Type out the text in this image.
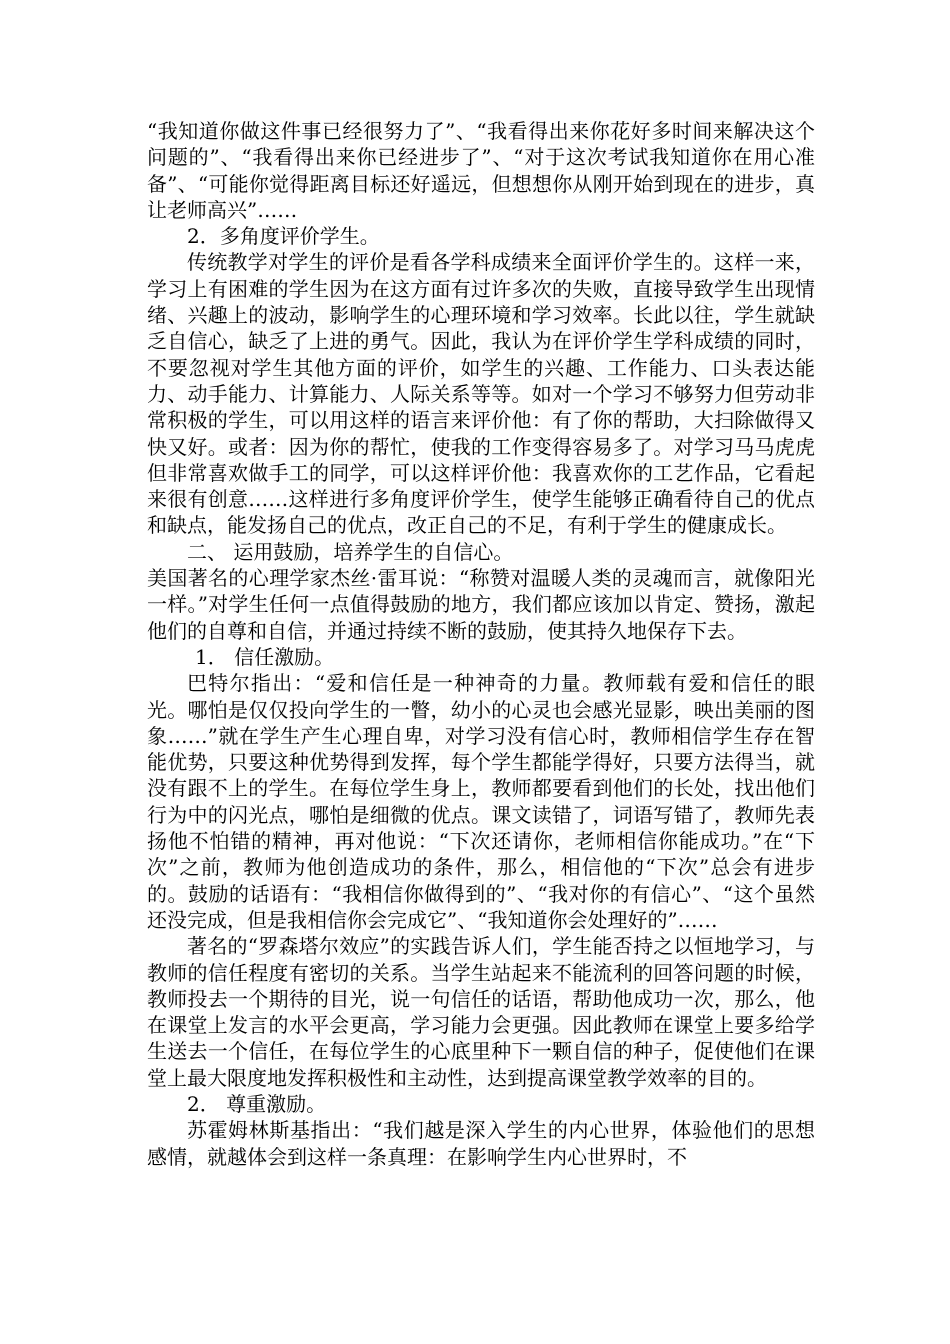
“我知道你做这件事已经很努力了”、“我看得出来你花好多时间来解决这个问题的”、“我看得出来你已经进步了”、“对于这次考试我知道你在用心准备”、“可能你觉得距离目标还好遥远，但想想你从刚开始到现在的进步，真让老师高兴”……

2．多角度评价学生。

传统教学对学生的评价是看各学科成绩来全面评价学生的。这样一来，学习上有困难的学生因为在这方面有过许多次的失败，直接导致学生出现情绪、兴趣上的波动，影响学生的心理环境和学习效率。长此以往，学生就缺乏自信心，缺乏了上进的勇气。因此，我认为在评价学生学科成绩的同时，不要忽视对学生其他方面的评价，如学生的兴趣、工作能力、口头表达能力、动手能力、计算能力、人际关系等等。如对一个学习不够努力但劳动非常积极的学生，可以用这样的语言来评价他：有了你的帮助，大扫除做得又快又好。或者：因为你的帮忙，使我的工作变得容易多了。对学习马马虎虎但非常喜欢做手工的同学，可以这样评价他：我喜欢你的工艺作品，它看起来很有创意……这样进行多角度评价学生，使学生能够正确看待自己的优点和缺点，能发扬自己的优点，改正自己的不足，有利于学生的健康成长。

二、 运用鼓励，培养学生的自信心。

美国著名的心理学家杰丝·雷耳说：“称赞对温暖人类的灵魂而言，就像阳光一样。”对学生任何一点值得鼓励的地方，我们都应该加以肯定、赞扬，激起他们的自尊和自信，并通过持续不断的鼓励，使其持久地保存下去。

1． 信任激励。

巴特尔指出：“爱和信任是一种神奇的力量。教师载有爱和信任的眼光。哪怕是仅仅投向学生的一瞥，幼小的心灵也会感光显影，映出美丽的图象……”就在学生产生心理自卑，对学习没有信心时，教师相信学生存在智能优势，只要这种优势得到发挥，每个学生都能学得好，只要方法得当，就没有跟不上的学生。在每位学生身上，教师都要看到他们的长处，找出他们行为中的闪光点，哪怕是细微的优点。课文读错了，词语写错了，教师先表扬他不怕错的精神，再对他说：“下次还请你，老师相信你能成功。”在“下次”之前，教师为他创造成功的条件，那么，相信他的“下次”总会有进步的。鼓励的话语有：“我相信你做得到的”、“我对你的有信心”、“这个虽然还没完成，但是我相信你会完成它”、“我知道你会处理好的”……

著名的“罗森塔尔效应”的实践告诉人们，学生能否持之以恒地学习，与教师的信任程度有密切的关系。当学生站起来不能流利的回答问题的时候，教师投去一个期待的目光，说一句信任的话语，帮助他成功一次，那么，他在课堂上发言的水平会更高，学习能力会更强。因此教师在课堂上要多给学生送去一个信任，在每位学生的心底里种下一颗自信的种子，促使他们在课堂上最大限度地发挥积极性和主动性，达到提高课堂教学效率的目的。

2． 尊重激励。

苏霍姆林斯基指出：“我们越是深入学生的内心世界，体验他们的思想感情，就越体会到这样一条真理：在影响学生内心世界时，不
